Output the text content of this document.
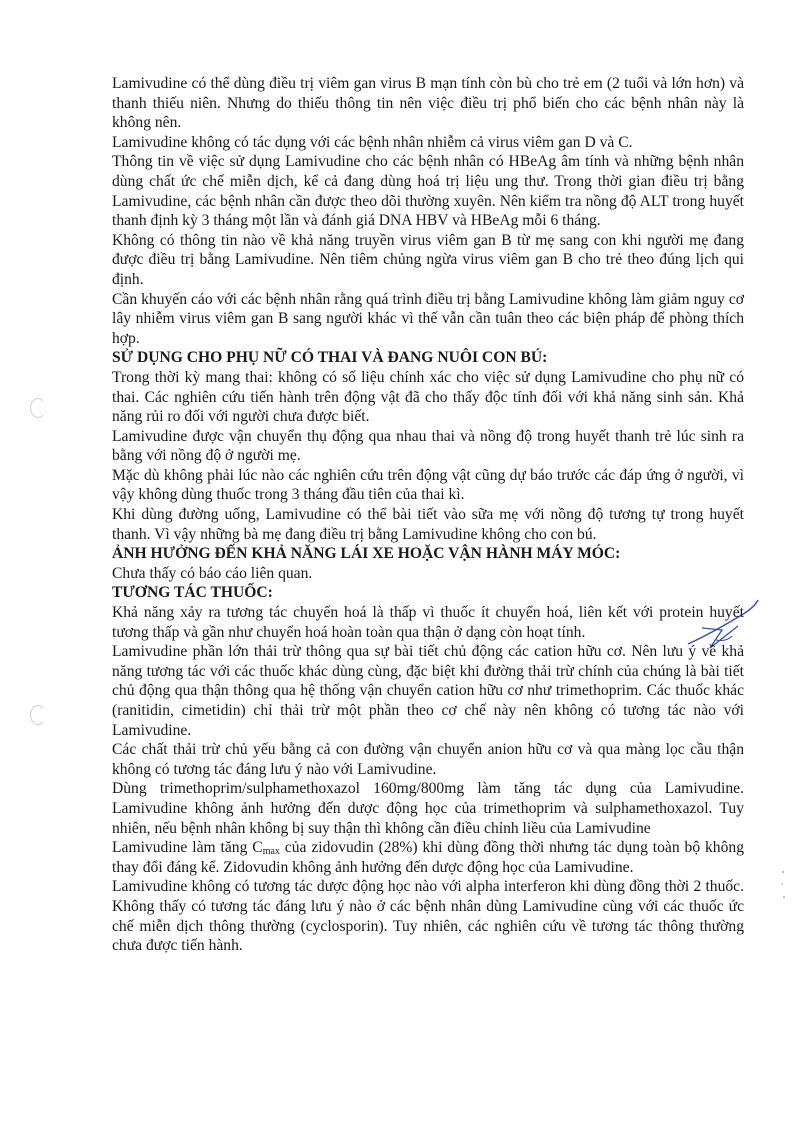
Lamivudine có thể dùng điều trị viêm gan virus B mạn tính còn bù cho trẻ em (2 tuổi và lớn hơn) và thanh thiếu niên. Nhưng do thiếu thông tin nên việc điều trị phổ biến cho các bệnh nhân này là không nên.

Lamivudine không có tác dụng với các bệnh nhân nhiễm cả virus viêm gan D và C.

Thông tin về việc sử dụng Lamivudine cho các bệnh nhân có HBeAg âm tính và những bệnh nhân dùng chất ức chế miễn dịch, kể cả đang dùng hoá trị liệu ung thư. Trong thời gian điều trị bằng Lamivudine, các bệnh nhân cần được theo dõi thường xuyên. Nên kiểm tra nồng độ ALT trong huyết thanh định kỳ 3 tháng một lần và đánh giá DNA HBV và HBeAg mỗi 6 tháng.

Không có thông tin nào về khả năng truyền virus viêm gan B từ mẹ sang con khi người mẹ đang được điều trị bằng Lamivudine. Nên tiêm chủng ngừa virus viêm gan B cho trẻ theo đúng lịch qui định.

Cần khuyến cáo với các bệnh nhân rằng quá trình điều trị bằng Lamivudine không làm giảm nguy cơ lây nhiễm virus viêm gan B sang người khác vì thế vẫn cần tuân theo các biện pháp để phòng thích hợp.

SỬ DỤNG CHO PHỤ NỮ CÓ THAI VÀ ĐANG NUÔI CON BÚ:

Trong thời kỳ mang thai: không có số liệu chính xác cho việc sử dụng Lamivudine cho phụ nữ có thai. Các nghiên cứu tiến hành trên động vật đã cho thấy độc tính đối với khả năng sinh sản. Khả năng rủi ro đối với người chưa được biết.

Lamivudine được vận chuyển thụ động qua nhau thai và nồng độ trong huyết thanh trẻ lúc sinh ra bằng với nồng độ ở người mẹ.

Mặc dù không phải lúc nào các nghiên cứu trên động vật cũng dự báo trước các đáp ứng ở người, vì vậy không dùng thuốc trong 3 tháng đầu tiên của thai kì.

Khi dùng đường uống, Lamivudine có thể bài tiết vào sữa mẹ với nồng độ tương tự trong huyết thanh. Vì vậy những bà mẹ đang điều trị bằng Lamivudine không cho con bú.

ẢNH HƯỞNG ĐẾN KHẢ NĂNG LÁI XE HOẶC VẬN HÀNH MÁY MÓC:

Chưa thấy có báo cáo liên quan.

TƯƠNG TÁC THUỐC:

Khả năng xảy ra tương tác chuyển hoá là thấp vì thuốc ít chuyển hoá, liên kết với protein huyết tương thấp và gần như chuyển hoá hoàn toàn qua thận ở dạng còn hoạt tính.

Lamivudine phần lớn thải trừ thông qua sự bài tiết chủ động các cation hữu cơ. Nên lưu ý về khả năng tương tác với các thuốc khác dùng cùng, đặc biệt khi đường thải trừ chính của chúng là bài tiết chủ động qua thận thông qua hệ thống vận chuyển cation hữu cơ như trimethoprim. Các thuốc khác (ranitidin, cimetidin) chỉ thải trừ một phần theo cơ chế này nên không có tương tác nào với Lamivudine.

Các chất thải trừ chủ yếu bằng cả con đường vận chuyển anion hữu cơ và qua màng lọc cầu thận không có tương tác đáng lưu ý nào với Lamivudine.

Dùng trimethoprim/sulphamethoxazol 160mg/800mg làm tăng tác dụng của Lamivudine. Lamivudine không ảnh hưởng đến dược động học của trimethoprim và sulphamethoxazol. Tuy nhiên, nếu bệnh nhân không bị suy thận thì không cần điều chỉnh liều của Lamivudine

Lamivudine làm tăng $C_{max}$ của zidovudin (28%) khi dùng đồng thời nhưng tác dụng toàn bộ không thay đổi đáng kể. Zidovudin không ảnh hưởng đến dược động học của Lamivudine.

Lamivudine không có tương tác dược động học nào với alpha interferon khi dùng đồng thời 2 thuốc. Không thấy có tương tác đáng lưu ý nào ở các bệnh nhân dùng Lamivudine cùng với các thuốc ức chế miễn dịch thông thường (cyclosporin). Tuy nhiên, các nghiên cứu về tương tác thông thường chưa được tiến hành.
